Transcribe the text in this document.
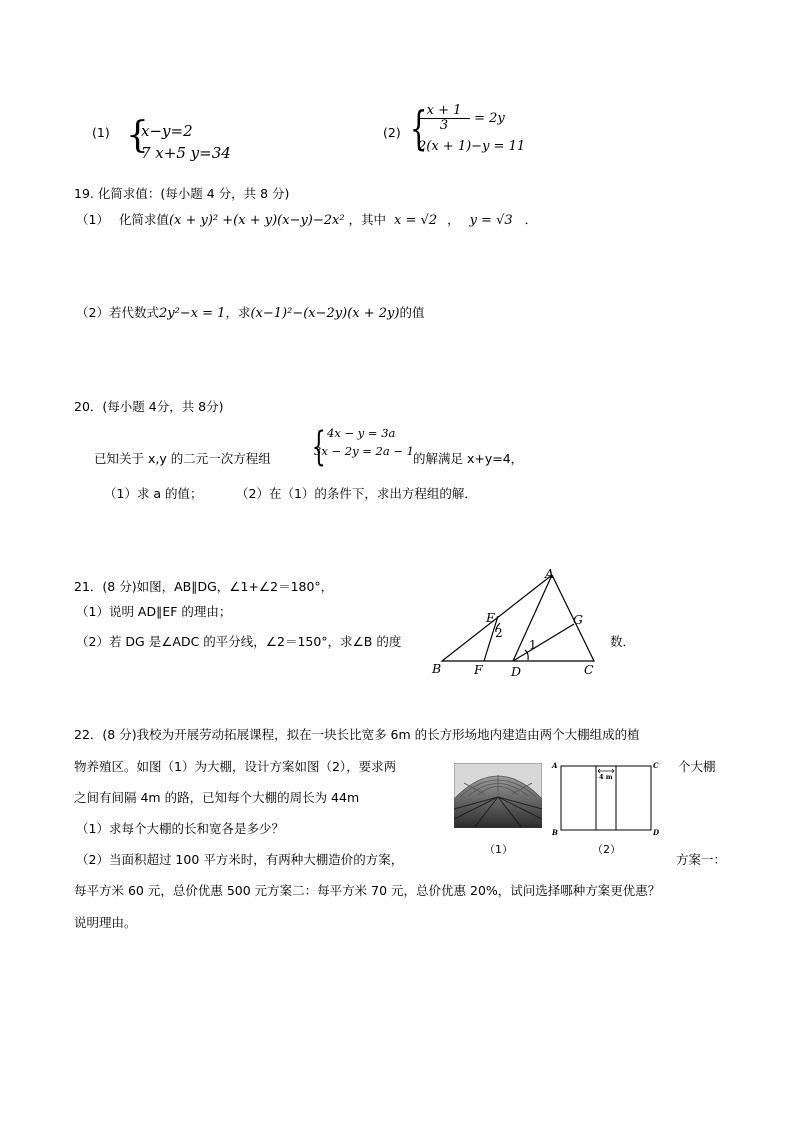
(1) {
x−y=2
7 x+5 y=34
(2) {
$\frac{x + 1}{3} = 2y$
2(x + 1)−y = 11
19. 化简求值：(每小题 4 分，共 8 分)
（1） 化简求值(x + y)² +(x + y)(x−y)−2x² ，其中 x = √2 ， y = √3 ．
（2）若代数式2y²−x = 1，求(x−1)²−(x−2y)(x + 2y)的值
20．(每小题 4分，共 8分)
已知关于 x,y 的二元一次方程组 { 4x − y = 3a
3x − 2y = 2a − 1 的解满足 x+y=4，
（1）求 a 的值；	（2）在（1）的条件下，求出方程组的解．
21．(8 分)如图，AB∥DG，∠1+∠2＝180°，
（1）说明 AD∥EF 的理由；
（2）若 DG 是∠ADC 的平分线，∠2＝150°，求∠B 的度	数．
A
B	C
D
E
F
G
2
1
22．(8 分)我校为开展劳动拓展课程，拟在一块长比宽多 6m 的长方形场地内建造由两个大棚组成的植
物养殖区。如图（1）为大棚，设计方案如图（2），要求两	个大棚
之间有间隔 4m 的路，已知每个大棚的周长为 44m
（1）求每个大棚的长和宽各是多少？
（2）当面积超过 100 平方米时，有两种大棚造价的方案，	方案一：
每平方米 60 元，总价优惠 500 元方案二：每平方米 70 元，总价优惠 20%，试问选择哪种方案更优惠？
说明理由。
（1）
A	C
B	D
4 m
（2）
